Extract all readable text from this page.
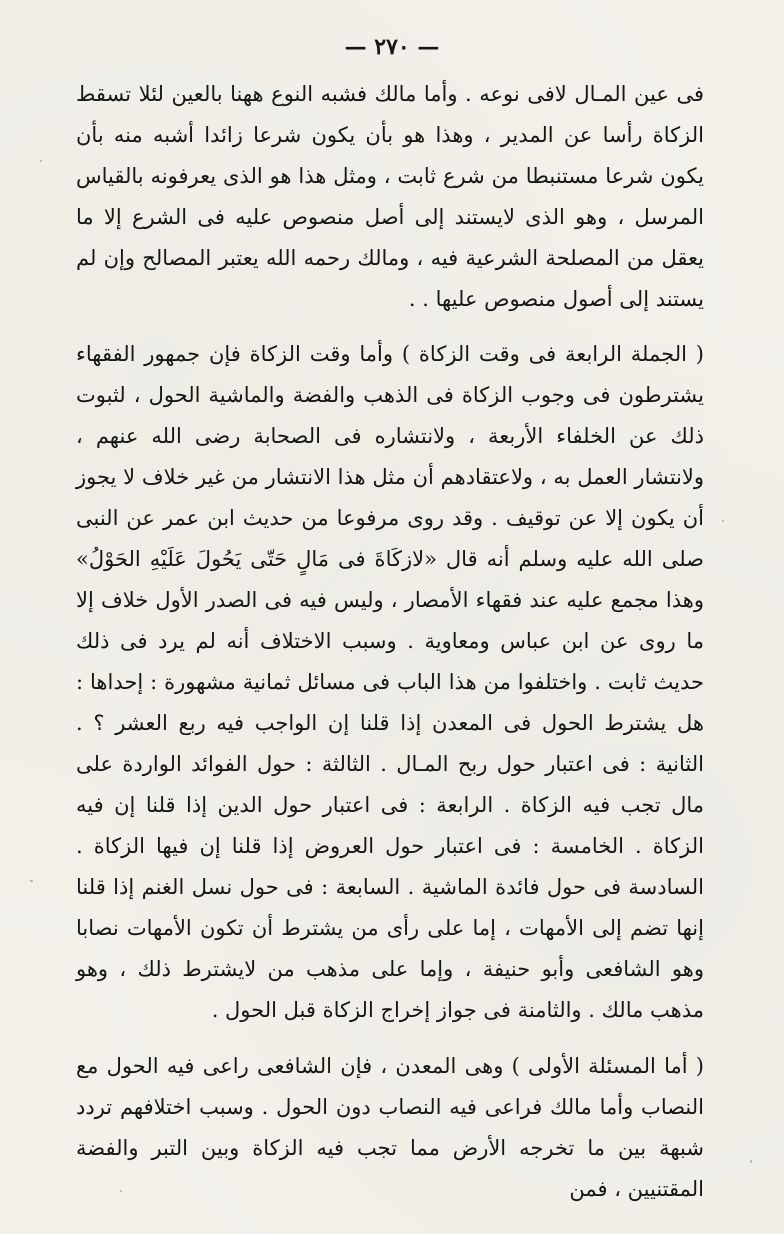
— ٢٧٠ —
فى عين المـال لافى نوعه . وأما مالك فشبه النوع ههنا بالعين لئلا تسقط الزكاة رأسا عن المدير ، وهذا هو بأن يكون شرعا زائدا أشبه منه بأن يكون شرعا مستنبطا من شرع ثابت ، ومثل هذا هو الذى يعرفونه بالقياس المرسل ، وهو الذى لايستند إلى أصل منصوص عليه فى الشرع إلا ما يعقل من المصلحة الشرعية فيه ، ومالك رحمه الله يعتبر المصالح وإن لم يستند إلى أصول منصوص عليها . .
( الجملة الرابعة فى وقت الزكاة ) وأما وقت الزكاة فإن جمهور الفقهاء يشترطون فى وجوب الزكاة فى الذهب والفضة والماشية الحول ، لثبوت ذلك عن الخلفاء الأربعة ، ولانتشاره فى الصحابة رضى الله عنهم ، ولانتشار العمل به ، ولاعتقادهم أن مثل هذا الانتشار من غير خلاف لا يجوز أن يكون إلا عن توقيف . وقد روى مرفوعا من حديث ابن عمر عن النبى صلى الله عليه وسلم أنه قال «لازكَاةَ فى مَالٍ حَتّى يَحُولَ عَلَيْهِ الحَوْلُ» وهذا مجمع عليه عند فقهاء الأمصار ، وليس فيه فى الصدر الأول خلاف إلا ما روى عن ابن عباس ومعاوية . وسبب الاختلاف أنه لم يرد فى ذلك حديث ثابت . واختلفوا من هذا الباب فى مسائل ثمانية مشهورة : إحداها : هل يشترط الحول فى المعدن إذا قلنا إن الواجب فيه ربع العشر ؟ . الثانية : فى اعتبار حول ربح المـال . الثالثة : حول الفوائد الواردة على مال تجب فيه الزكاة . الرابعة : فى اعتبار حول الدين إذا قلنا إن فيه الزكاة . الخامسة : فى اعتبار حول العروض إذا قلنا إن فيها الزكاة . السادسة فى حول فائدة الماشية . السابعة : فى حول نسل الغنم إذا قلنا إنها تضم إلى الأمهات ، إما على رأى من يشترط أن تكون الأمهات نصابا وهو الشافعى وأبو حنيفة ، وإما على مذهب من لايشترط ذلك ، وهو مذهب مالك . والثامنة فى جواز إخراج الزكاة قبل الحول .
( أما المسئلة الأولى ) وهى المعدن ، فإن الشافعى راعى فيه الحول مع النصاب وأما مالك فراعى فيه النصاب دون الحول . وسبب اختلافهم تردد شبهة بين ما تخرجه الأرض مما تجب فيه الزكاة وبين التبر والفضة المقتنيين ، فمن
